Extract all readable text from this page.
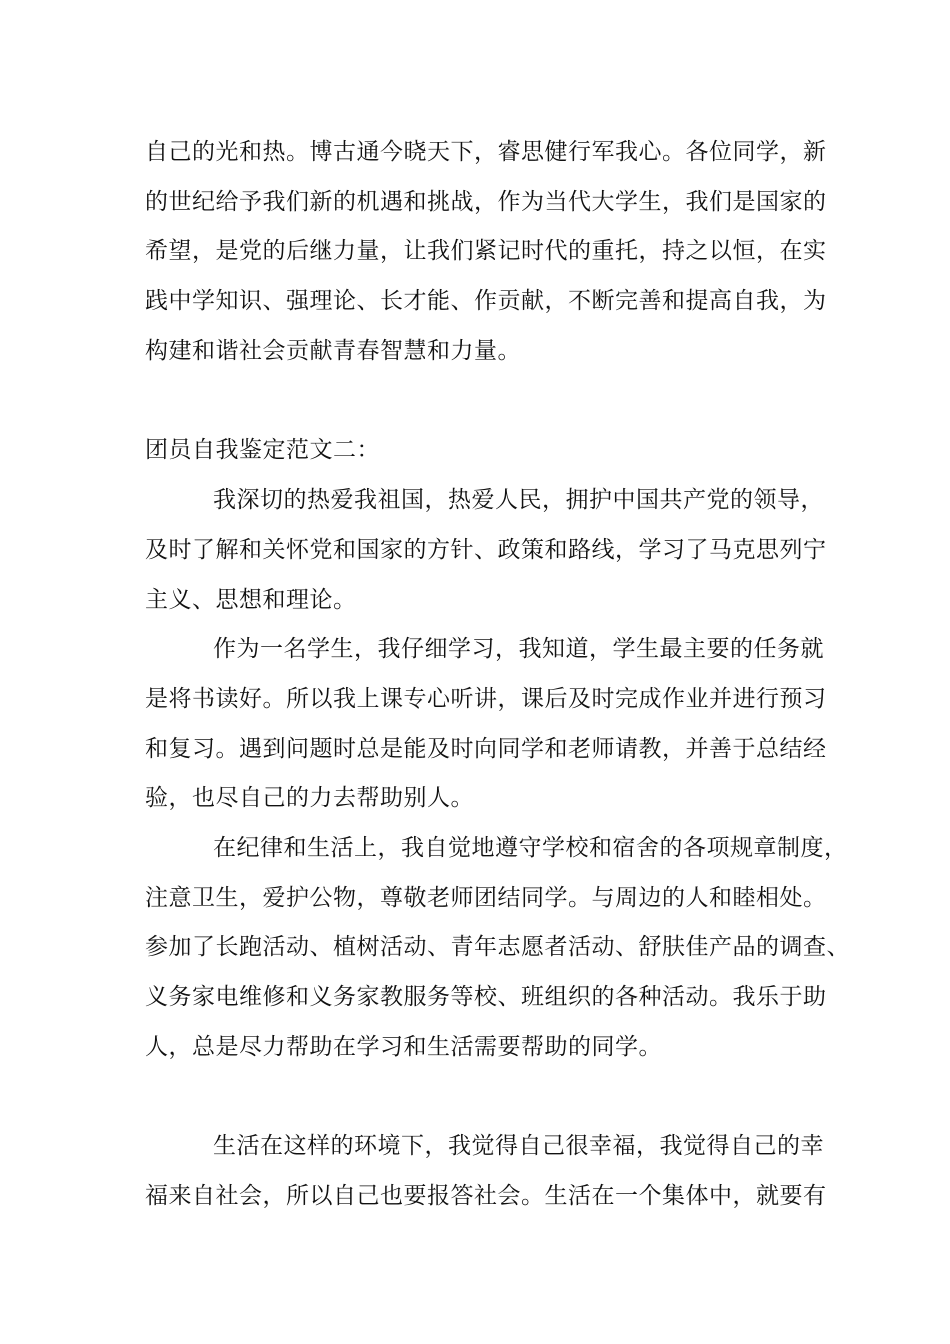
自己的光和热。博古通今晓天下，睿思健行军我心。各位同学，新
的世纪给予我们新的机遇和挑战，作为当代大学生，我们是国家的
希望，是党的后继力量，让我们紧记时代的重托，持之以恒，在实
践中学知识、强理论、长才能、作贡献，不断完善和提高自我，为
构建和谐社会贡献青春智慧和力量。
团员自我鉴定范文二：
我深切的热爱我祖国，热爱人民，拥护中国共产党的领导，
及时了解和关怀党和国家的方针、政策和路线，学习了马克思列宁
主义、思想和理论。
作为一名学生，我仔细学习，我知道，学生最主要的任务就
是将书读好。所以我上课专心听讲，课后及时完成作业并进行预习
和复习。遇到问题时总是能及时向同学和老师请教，并善于总结经
验，也尽自己的力去帮助别人。
在纪律和生活上，我自觉地遵守学校和宿舍的各项规章制度，
注意卫生，爱护公物，尊敬老师团结同学。与周边的人和睦相处。
参加了长跑活动、植树活动、青年志愿者活动、舒肤佳产品的调查、
义务家电维修和义务家教服务等校、班组织的各种活动。我乐于助
人，总是尽力帮助在学习和生活需要帮助的同学。
生活在这样的环境下，我觉得自己很幸福，我觉得自己的幸
福来自社会，所以自己也要报答社会。生活在一个集体中，就要有
